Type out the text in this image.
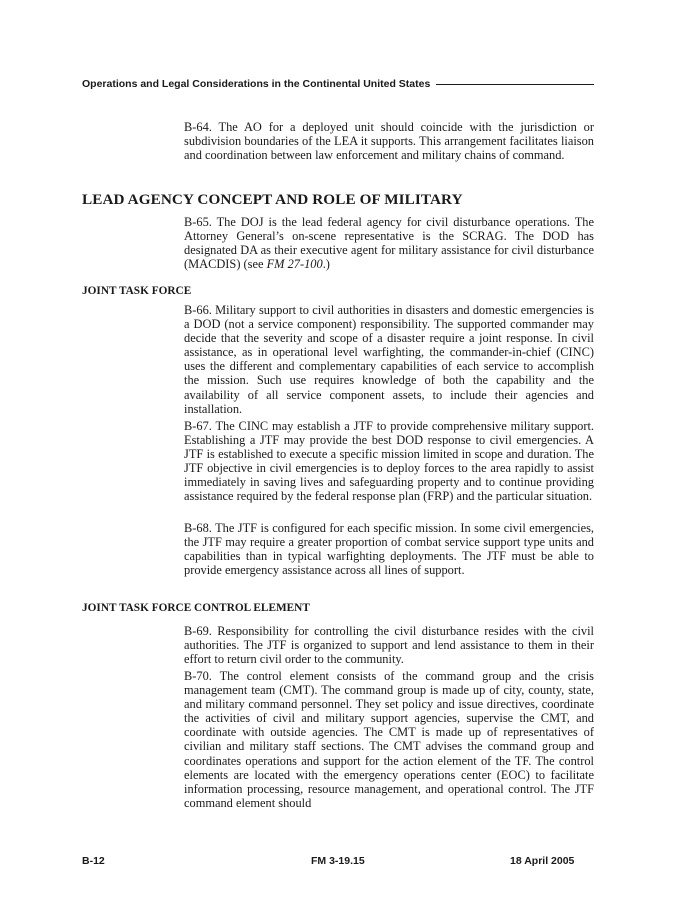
Operations and Legal Considerations in the Continental United States

B-64. The AO for a deployed unit should coincide with the jurisdiction or subdivision boundaries of the LEA it supports. This arrangement facilitates liaison and coordination between law enforcement and military chains of command.

LEAD AGENCY CONCEPT AND ROLE OF MILITARY

B-65. The DOJ is the lead federal agency for civil disturbance operations. The Attorney General’s on-scene representative is the SCRAG. The DOD has designated DA as their executive agent for military assistance for civil disturbance (MACDIS) (see FM 27-100.)

JOINT TASK FORCE

B-66. Military support to civil authorities in disasters and domestic emergencies is a DOD (not a service component) responsibility. The supported commander may decide that the severity and scope of a disaster require a joint response. In civil assistance, as in operational level warfighting, the commander-in-chief (CINC) uses the different and complementary capabilities of each service to accomplish the mission. Such use requires knowledge of both the capability and the availability of all service component assets, to include their agencies and installation.

B-67. The CINC may establish a JTF to provide comprehensive military support. Establishing a JTF may provide the best DOD response to civil emergencies. A JTF is established to execute a specific mission limited in scope and duration. The JTF objective in civil emergencies is to deploy forces to the area rapidly to assist immediately in saving lives and safeguarding property and to continue providing assistance required by the federal response plan (FRP) and the particular situation.

B-68. The JTF is configured for each specific mission. In some civil emergencies, the JTF may require a greater proportion of combat service support type units and capabilities than in typical warfighting deployments. The JTF must be able to provide emergency assistance across all lines of support.

JOINT TASK FORCE CONTROL ELEMENT

B-69. Responsibility for controlling the civil disturbance resides with the civil authorities. The JTF is organized to support and lend assistance to them in their effort to return civil order to the community.

B-70. The control element consists of the command group and the crisis management team (CMT). The command group is made up of city, county, state, and military command personnel. They set policy and issue directives, coordinate the activities of civil and military support agencies, supervise the CMT, and coordinate with outside agencies. The CMT is made up of representatives of civilian and military staff sections. The CMT advises the command group and coordinates operations and support for the action element of the TF. The control elements are located with the emergency operations center (EOC) to facilitate information processing, resource management, and operational control. The JTF command element should

B-12	FM 3-19.15	18 April 2005
